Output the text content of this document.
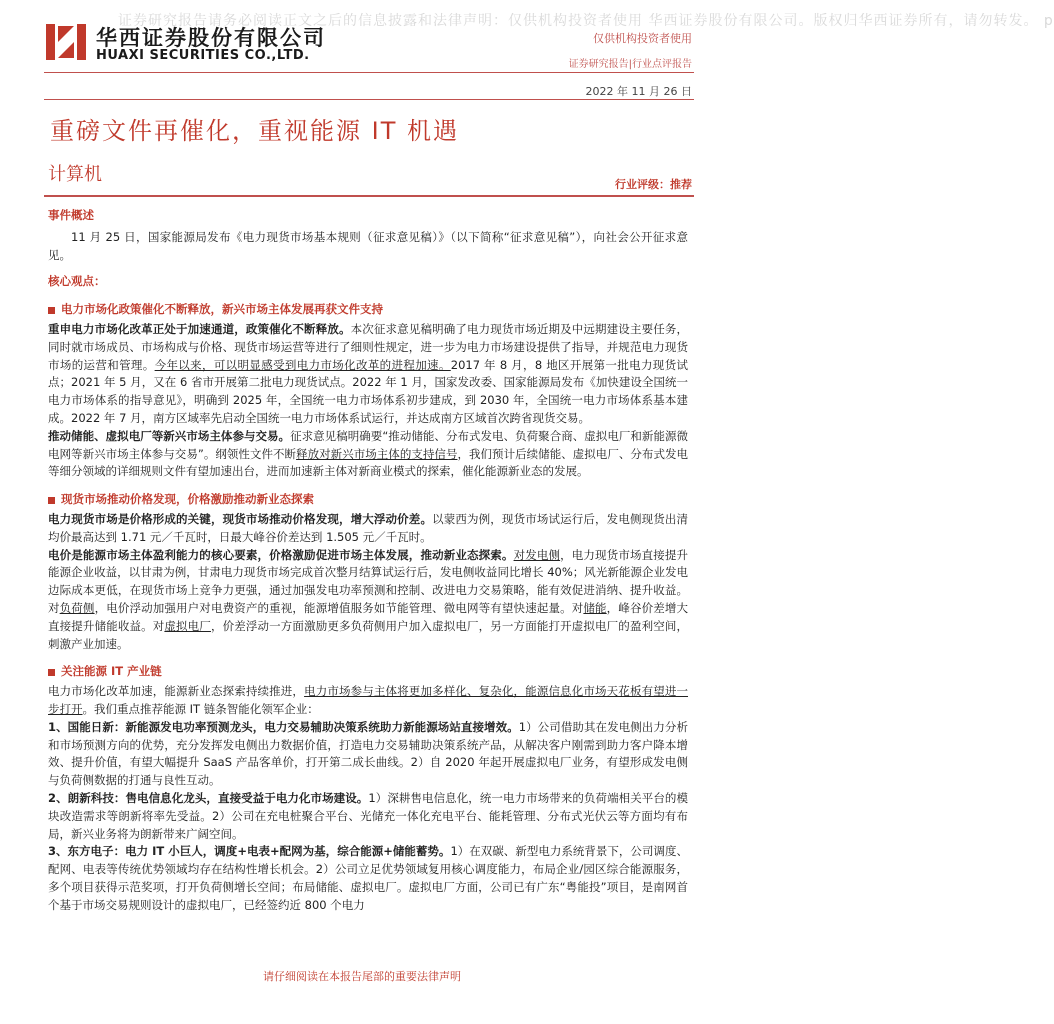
证券研究报告请务必阅读正文之后的信息披露和法律声明：仅供机构投资者使用 华西证券股份有限公司。版权归华西证券所有，请勿转发。 p
华西证券股份有限公司
HUAXI SECURITIES CO.,LTD.
仅供机构投资者使用
证券研究报告|行业点评报告
2022 年 11 月 26 日
重磅文件再催化，重视能源 IT 机遇
计算机	行业评级：推荐
事件概述

11 月 25 日，国家能源局发布《电力现货市场基本规则（征求意见稿）》（以下简称“征求意见稿”），向社会公开征求意见。

核心观点：
电力市场化政策催化不断释放，新兴市场主体发展再获文件支持

重申电力市场化改革正处于加速通道，政策催化不断释放。本次征求意见稿明确了电力现货市场近期及中远期建设主要任务，同时就市场成员、市场构成与价格、现货市场运营等进行了细则性规定，进一步为电力市场建设提供了指导，并规范电力现货市场的运营和管理。今年以来，可以明显感受到电力市场化改革的进程加速。2017 年 8 月，8 地区开展第一批电力现货试点；2021 年 5 月，又在 6 省市开展第二批电力现货试点。2022 年 1 月，国家发改委、国家能源局发布《加快建设全国统一电力市场体系的指导意见》，明确到 2025 年，全国统一电力市场体系初步建成，到 2030 年，全国统一电力市场体系基本建成。2022 年 7 月，南方区域率先启动全国统一电力市场体系试运行，并达成南方区域首次跨省现货交易。

推动储能、虚拟电厂等新兴市场主体参与交易。征求意见稿明确要“推动储能、分布式发电、负荷聚合商、虚拟电厂和新能源微电网等新兴市场主体参与交易”。纲领性文件不断释放对新兴市场主体的支持信号，我们预计后续储能、虚拟电厂、分布式发电等细分领域的详细规则文件有望加速出台，进而加速新主体对新商业模式的探索，催化能源新业态的发展。

现货市场推动价格发现，价格激励推动新业态探索

电力现货市场是价格形成的关键，现货市场推动价格发现，增大浮动价差。以蒙西为例，现货市场试运行后，发电侧现货出清均价最高达到 1.71 元／千瓦时，日最大峰谷价差达到 1.505 元／千瓦时。

电价是能源市场主体盈利能力的核心要素，价格激励促进市场主体发展，推动新业态探索。对发电侧，电力现货市场直接提升能源企业收益，以甘肃为例，甘肃电力现货市场完成首次整月结算试运行后，发电侧收益同比增长 40%；风光新能源企业发电边际成本更低，在现货市场上竞争力更强，通过加强发电功率预测和控制、改进电力交易策略，能有效促进消纳、提升收益。对负荷侧，电价浮动加强用户对电费资产的重视，能源增值服务如节能管理、微电网等有望快速起量。对储能，峰谷价差增大直接提升储能收益。对虚拟电厂，价差浮动一方面激励更多负荷侧用户加入虚拟电厂，另一方面能打开虚拟电厂的盈利空间，刺激产业加速。

关注能源 IT 产业链

电力市场化改革加速，能源新业态探索持续推进，电力市场参与主体将更加多样化、复杂化，能源信息化市场天花板有望进一步打开。我们重点推荐能源 IT 链条智能化领军企业：

1、国能日新：新能源发电功率预测龙头，电力交易辅助决策系统助力新能源场站直接增效。1）公司借助其在发电侧出力分析和市场预测方向的优势，充分发挥发电侧出力数据价值，打造电力交易辅助决策系统产品，从解决客户刚需到助力客户降本增效、提升价值，有望大幅提升 SaaS 产品客单价，打开第二成长曲线。2）自 2020 年起开展虚拟电厂业务，有望形成发电侧与负荷侧数据的打通与良性互动。

2、朗新科技：售电信息化龙头，直接受益于电力化市场建设。1）深耕售电信息化，统一电力市场带来的负荷端相关平台的模块改造需求等朗新将率先受益。2）公司在充电桩聚合平台、光储充一体化充电平台、能耗管理、分布式光伏云等方面均有布局，新兴业务将为朗新带来广阔空间。

3、东方电子：电力 IT 小巨人，调度+电表+配网为基，综合能源+储能蓄势。1）在双碳、新型电力系统背景下，公司调度、配网、电表等传统优势领域均存在结构性增长机会。2）公司立足优势领域复用核心调度能力，布局企业/园区综合能源服务，多个项目获得示范奖项，打开负荷侧增长空间；布局储能、虚拟电厂。虚拟电厂方面，公司已有广东“粤能投”项目，是南网首个基于市场交易规则设计的虚拟电厂，已经签约近 800 个电力

请仔细阅读在本报告尾部的重要法律声明
